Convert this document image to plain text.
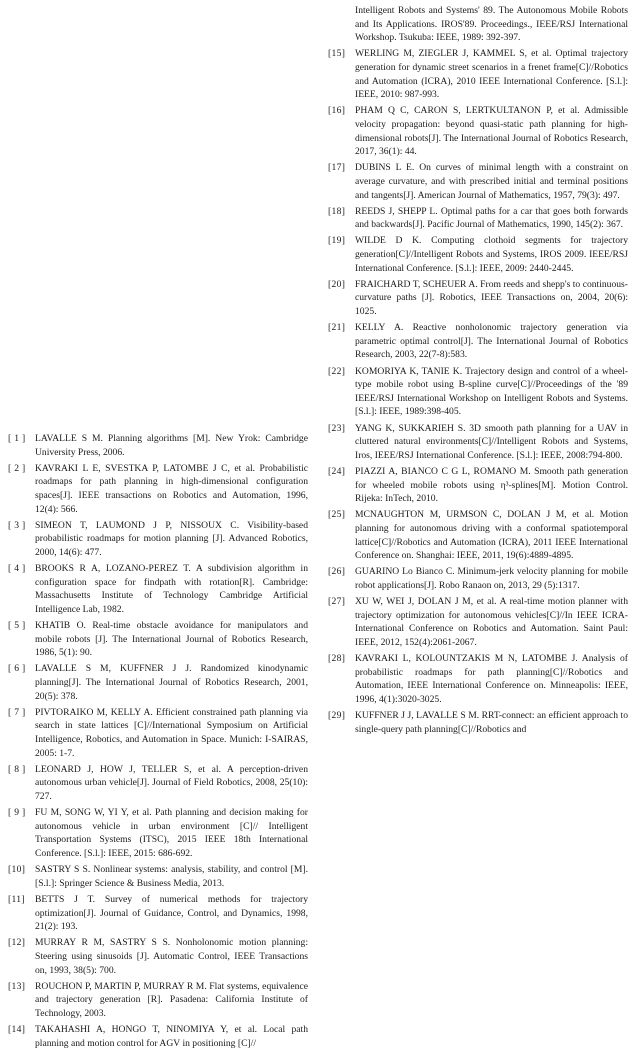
[ 1 ] LAVALLE S M. Planning algorithms [M]. New Yrok: Cambridge University Press, 2006.
[ 2 ] KAVRAKI L E, SVESTKA P, LATOMBE J C, et al. Probabilistic roadmaps for path planning in high-dimensional configuration spaces[J]. IEEE transactions on Robotics and Automation, 1996, 12(4): 566.
[ 3 ] SIMEON T, LAUMOND J P, NISSOUX C. Visibility-based probabilistic roadmaps for motion planning [J]. Advanced Robotics, 2000, 14(6): 477.
[ 4 ] BROOKS R A, LOZANO-PEREZ T. A subdivision algorithm in configuration space for findpath with rotation[R]. Cambridge: Massachusetts Institute of Technology Cambridge Artificial Intelligence Lab, 1982.
[ 5 ] KHATIB O. Real-time obstacle avoidance for manipulators and mobile robots [J]. The International Journal of Robotics Research, 1986, 5(1): 90.
[ 6 ] LAVALLE S M, KUFFNER J J. Randomized kinodynamic planning[J]. The International Journal of Robotics Research, 2001, 20(5): 378.
[ 7 ] PIVTORAIKO M, KELLY A. Efficient constrained path planning via search in state lattices [C]//International Symposium on Artificial Intelligence, Robotics, and Automation in Space. Munich: I-SAIRAS, 2005: 1-7.
[ 8 ] LEONARD J, HOW J, TELLER S, et al. A perception-driven autonomous urban vehicle[J]. Journal of Field Robotics, 2008, 25(10): 727.
[ 9 ] FU M, SONG W, YI Y, et al. Path planning and decision making for autonomous vehicle in urban environment [C]// Intelligent Transportation Systems (ITSC), 2015 IEEE 18th International Conference. [S.l.]: IEEE, 2015: 686-692.
[10]	SASTRY S S. Nonlinear systems: analysis, stability, and control [M]. [S.l.]: Springer Science & Business Media, 2013.
[11]	BETTS J T. Survey of numerical methods for trajectory optimization[J]. Journal of Guidance, Control, and Dynamics, 1998, 21(2): 193.
[12]	MURRAY R M, SASTRY S S. Nonholonomic motion planning: Steering using sinusoids [J]. Automatic Control, IEEE Transactions on, 1993, 38(5): 700.
[13]	ROUCHON P, MARTIN P, MURRAY R M. Flat systems, equivalence and trajectory generation [R]. Pasadena: California Institute of Technology, 2003.
[14]	TAKAHASHI A, HONGO T, NINOMIYA Y, et al. Local path planning and motion control for AGV in positioning [C]//
Intelligent Robots and Systems' 89. The Autonomous Mobile Robots and Its Applications. IROS'89. Proceedings., IEEE/RSJ International Workshop. Tsukuba: IEEE, 1989: 392-397.
[15]	WERLING M, ZIEGLER J, KAMMEL S, et al. Optimal trajectory generation for dynamic street scenarios in a frenet frame[C]//Robotics and Automation (ICRA), 2010 IEEE International Conference. [S.l.]: IEEE, 2010: 987-993.
[16]	PHAM Q C, CARON S, LERTKULTANON P, et al. Admissible velocity propagation: beyond quasi-static path planning for high-dimensional robots[J]. The International Journal of Robotics Research, 2017, 36(1): 44.
[17]	DUBINS L E. On curves of minimal length with a constraint on average curvature, and with prescribed initial and terminal positions and tangents[J]. American Journal of Mathematics, 1957, 79(3): 497.
[18]	REEDS J, SHEPP L. Optimal paths for a car that goes both forwards and backwards[J]. Pacific Journal of Mathematics, 1990, 145(2): 367.
[19]	WILDE D K. Computing clothoid segments for trajectory generation[C]//Intelligent Robots and Systems, IROS 2009. IEEE/RSJ International Conference. [S.l.]: IEEE, 2009: 2440-2445.
[20]	FRAICHARD T, SCHEUER A. From reeds and shepp's to continuous-curvature paths [J]. Robotics, IEEE Transactions on, 2004, 20(6): 1025.
[21]	KELLY A. Reactive nonholonomic trajectory generation via parametric optimal control[J]. The International Journal of Robotics Research, 2003, 22(7-8):583.
[22]	KOMORIYA K, TANIE K. Trajectory design and control of a wheel-type mobile robot using B-spline curve[C]//Proceedings of the '89 IEEE/RSJ International Workshop on Intelligent Robots and Systems. [S.l.]: IEEE, 1989:398-405.
[23]	YANG K, SUKKARIEH S. 3D smooth path planning for a UAV in cluttered natural environments[C]//Intelligent Robots and Systems, Iros, IEEE/RSJ International Conference. [S.l.]: IEEE, 2008:794-800.
[24]	PIAZZI A, BIANCO C G L, ROMANO M. Smooth path generation for wheeled mobile robots using η³-splines[M]. Motion Control. Rijeka: InTech, 2010.
[25]	MCNAUGHTON M, URMSON C, DOLAN J M, et al. Motion planning for autonomous driving with a conformal spatiotemporal lattice[C]//Robotics and Automation (ICRA), 2011 IEEE International Conference on. Shanghai: IEEE, 2011, 19(6):4889-4895.
[26]	GUARINO Lo Bianco C. Minimum-jerk velocity planning for mobile robot applications[J]. Robo Ranaon on, 2013, 29 (5):1317.
[27]	XU W, WEI J, DOLAN J M, et al. A real-time motion planner with trajectory optimization for autonomous vehicles[C]//In IEEE ICRA-International Conference on Robotics and Automation. Saint Paul: IEEE, 2012, 152(4):2061-2067.
[28]	KAVRAKI L, KOLOUNTZAKIS M N, LATOMBE J. Analysis of probabilistic roadmaps for path planning[C]//Robotics and Automation, IEEE International Conference on. Minneapolis: IEEE, 1996, 4(1):3020-3025.
[29]	KUFFNER J J, LAVALLE S M. RRT-connect: an efficient approach to single-query path planning[C]//Robotics and
